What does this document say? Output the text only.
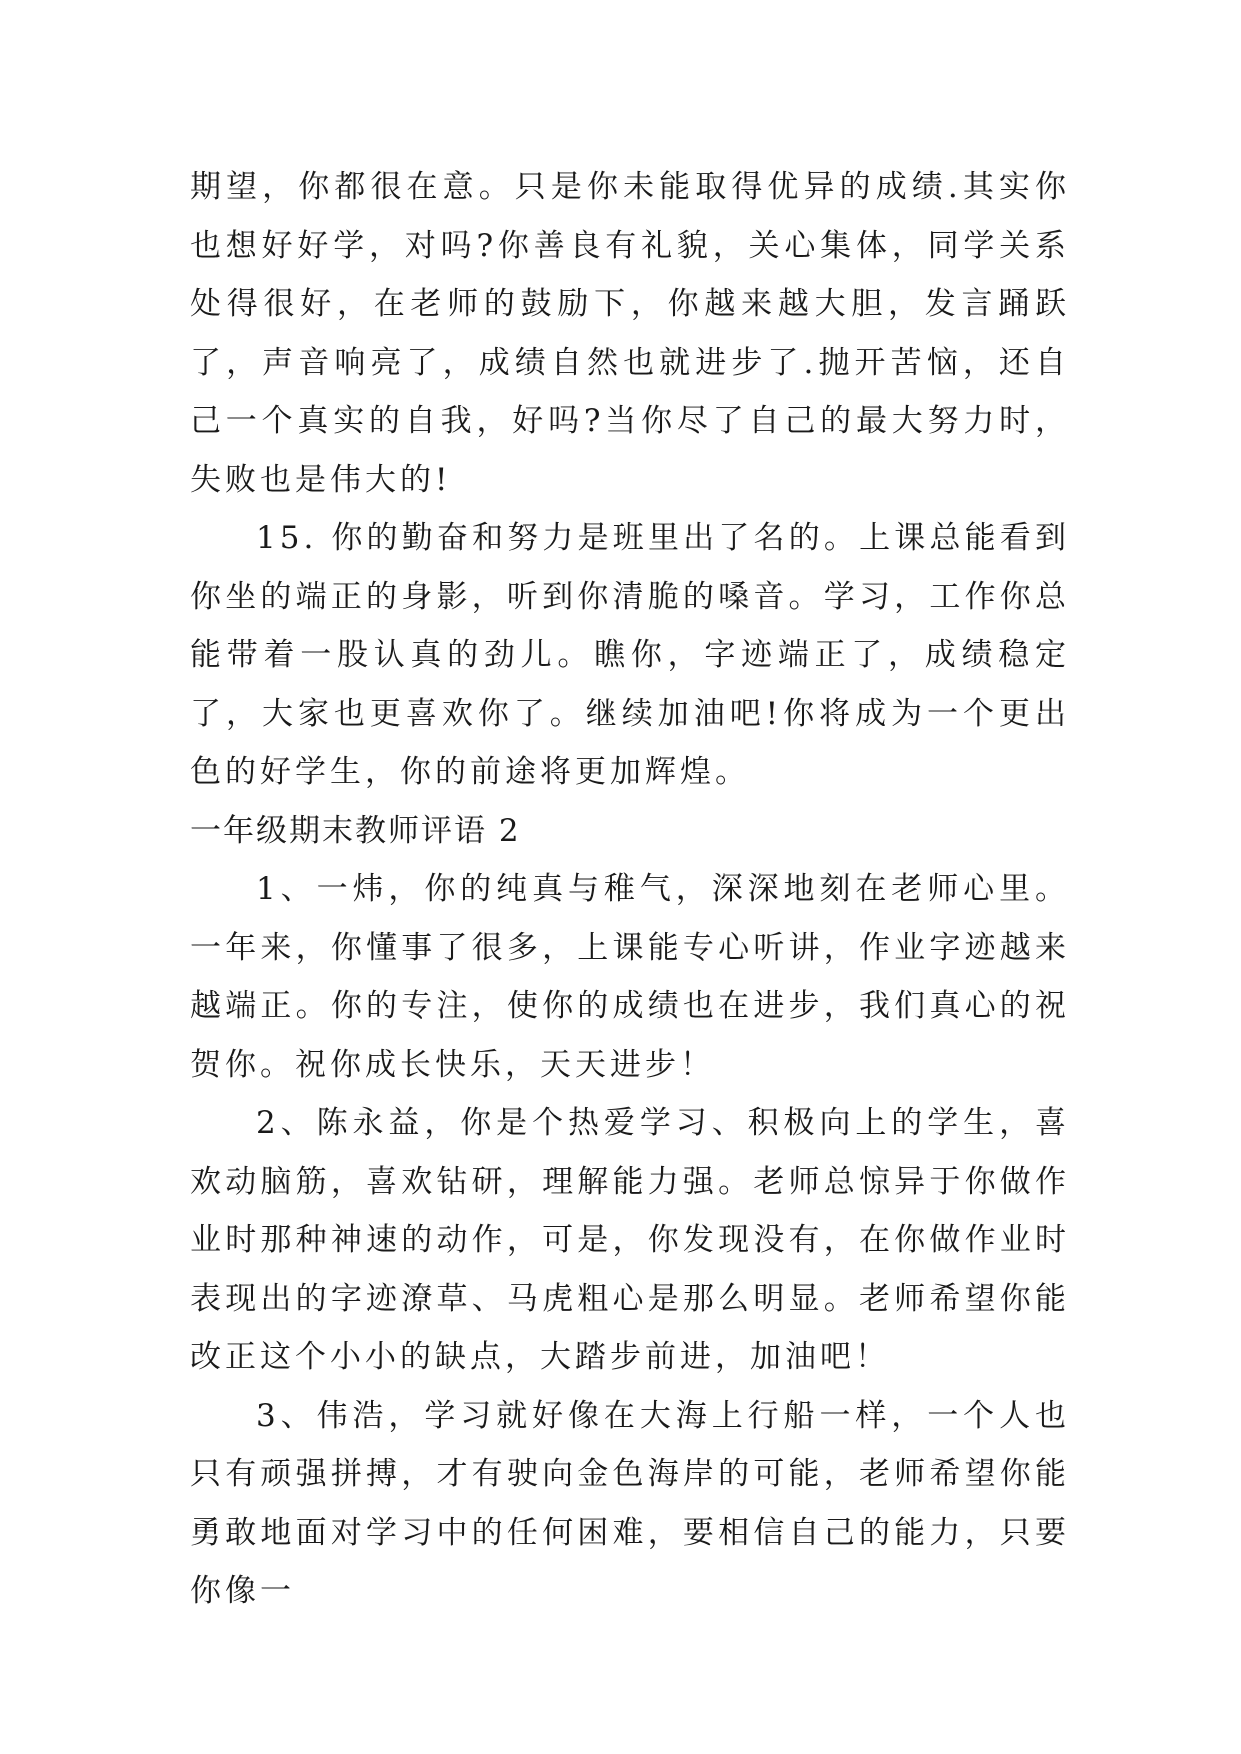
期望，你都很在意。只是你未能取得优异的成绩.其实你也想好好学，对吗?你善良有礼貌，关心集体，同学关系处得很好，在老师的鼓励下，你越来越大胆，发言踊跃了，声音响亮了，成绩自然也就进步了.抛开苦恼，还自己一个真实的自我，好吗?当你尽了自己的最大努力时，失败也是伟大的!

15. 你的勤奋和努力是班里出了名的。上课总能看到你坐的端正的身影，听到你清脆的嗓音。学习，工作你总能带着一股认真的劲儿。瞧你，字迹端正了，成绩稳定了，大家也更喜欢你了。继续加油吧!你将成为一个更出色的好学生，你的前途将更加辉煌。

一年级期末教师评语 2

1、一炜，你的纯真与稚气，深深地刻在老师心里。一年来，你懂事了很多，上课能专心听讲，作业字迹越来越端正。你的专注，使你的成绩也在进步，我们真心的祝贺你。祝你成长快乐，天天进步！

2、陈永益，你是个热爱学习、积极向上的学生，喜欢动脑筋，喜欢钻研，理解能力强。老师总惊异于你做作业时那种神速的动作，可是，你发现没有，在你做作业时表现出的字迹潦草、马虎粗心是那么明显。老师希望你能改正这个小小的缺点，大踏步前进，加油吧！

3、伟浩，学习就好像在大海上行船一样，一个人也只有顽强拼搏，才有驶向金色海岸的可能，老师希望你能勇敢地面对学习中的任何困难，要相信自己的能力，只要你像一
